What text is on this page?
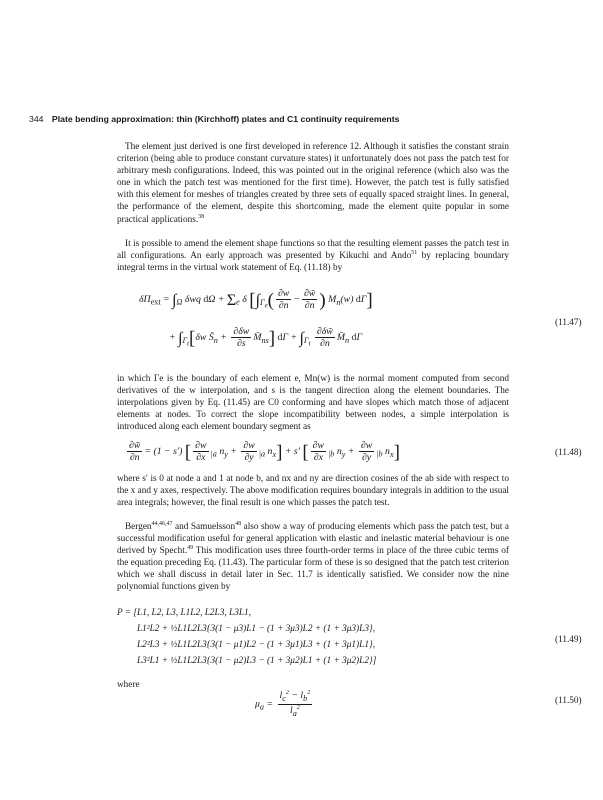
344 Plate bending approximation: thin (Kirchhoff) plates and C1 continuity requirements
The element just derived is one first developed in reference 12. Although it satisfies the constant strain criterion (being able to produce constant curvature states) it unfortunately does not pass the patch test for arbitrary mesh configurations. Indeed, this was pointed out in the original reference (which also was the one in which the patch test was mentioned for the first time). However, the patch test is fully satisfied with this element for meshes of triangles created by three sets of equally spaced straight lines. In general, the performance of the element, despite this shortcoming, made the element quite popular in some practical applications.$^{38}$
It is possible to amend the element shape functions so that the resulting element passes the patch test in all configurations. An early approach was presented by Kikuchi and Ando$^{51}$ by replacing boundary integral terms in the virtual work statement of Eq. (11.18) by
$\delta\Pi_{ext} = \int_\Omega$ δwq $d\Omega + \Sigma_e$ δ [$\int_{\Gamma_e}( \frac{\partial w}{\partial n} - \frac{\partial w̃}{\partial n}$ ) $M_n(w)$ dΓ]
+ $\int_{\Gamma_t}[\delta w$ $S̄_n + \frac{\partial\delta w}{\partial s}$ $M̄_{ns}$] $d\Gamma + \int_{\Gamma_t} \frac{\partial\delta w̃}{\partial n}$ $M̄_n$ dΓ
(11.47)
in which Γe is the boundary of each element e, Mn(w) is the normal moment computed from second derivatives of the w interpolation, and s is the tangent direction along the element boundaries. The interpolations given by Eq. (11.45) are C0 conforming and have slopes which match those of adjacent elements at nodes. To correct the slope incompatibility between nodes, a simple interpolation is introduced along each element boundary segment as
$\frac{\partial w̃}{\partial n} = (1 - s')$ [ $\frac{\partial w}{\partial x} _{|a}$ $n_y + \frac{\partial w}{\partial y} _{|a}$ $n_x] + s'$ [ $\frac{\partial w}{\partial x} _{|b}$ $n_y + \frac{\partial w}{\partial y} _{|b}$ $n_x$]	(11.48)
where s′ is 0 at node a and 1 at node b, and nx and ny are direction cosines of the ab side with respect to the x and y axes, respectively. The above modification requires boundary integrals in addition to the usual area integrals; however, the final result is one which passes the patch test.
Bergen$^{44,46,47}$ and Samuelsson$^{48}$ also show a way of producing elements which pass the patch test, but a successful modification useful for general application with elastic and inelastic material behaviour is one derived by Specht.$^{49}$ This modification uses three fourth-order terms in place of the three cubic terms of the equation preceding Eq. (11.43). The particular form of these is so designed that the patch test criterion which we shall discuss in detail later in Sec. 11.7 is identically satisfied. We consider now the nine polynomial functions given by
P = [L1, L2, L3, L1L2, L2L3, L3L1,
L1²L2 + ½L1L2L3{3(1 − μ3)L1 − (1 + 3μ3)L2 + (1 + 3μ3)L3},
L2²L3 + ½L1L2L3{3(1 − μ1)L2 − (1 + 3μ1)L3 + (1 + 3μ1)L1},
L3²L1 + ½L1L2L3{3(1 − μ2)L3 − (1 + 3μ2)L1 + (1 + 3μ2)L2}]
(11.49)
where
$\mu_a = \frac{l_c^2 - l_b^2}{l_a^2}$	(11.50)
